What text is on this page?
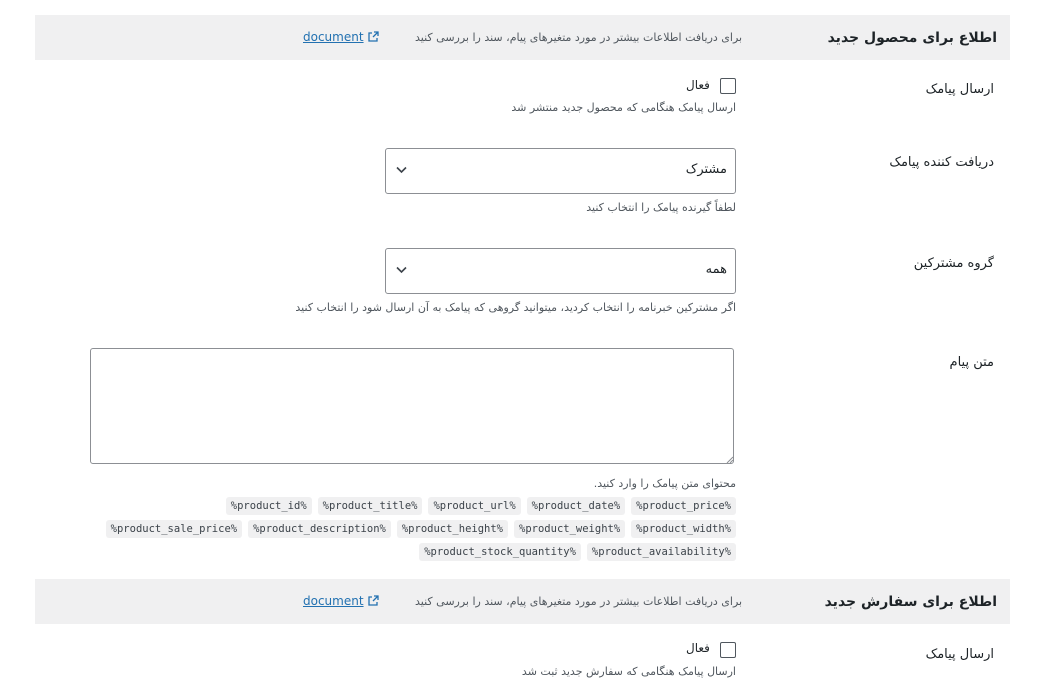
اطلاع برای محصول جدید
برای دریافت اطلاعات بیشتر در مورد متغیرهای پیام، سند را بررسی کنید
document
ارسال پیامک
فعال
ارسال پیامک هنگامی که محصول جدید منتشر شد
دریافت کننده پیامک
مشترک
لطفاً گیرنده پیامک را انتخاب کنید
گروه مشترکین
همه
اگر مشترکین خبرنامه را انتخاب کردید، میتوانید گروهی که پیامک به آن ارسال شود را انتخاب کنید
متن پیام
محتوای متن پیامک را وارد کنید.
%product_id%	%product_title%	%product_url%	%product_date%	%product_price%
%product_sale_price%	%product_description%	%product_height%	%product_weight%	%product_width%
%product_stock_quantity%	%product_availability%
اطلاع برای سفارش جدید
برای دریافت اطلاعات بیشتر در مورد متغیرهای پیام، سند را بررسی کنید
document
ارسال پیامک
فعال
ارسال پیامک هنگامی که سفارش جدید ثبت شد
